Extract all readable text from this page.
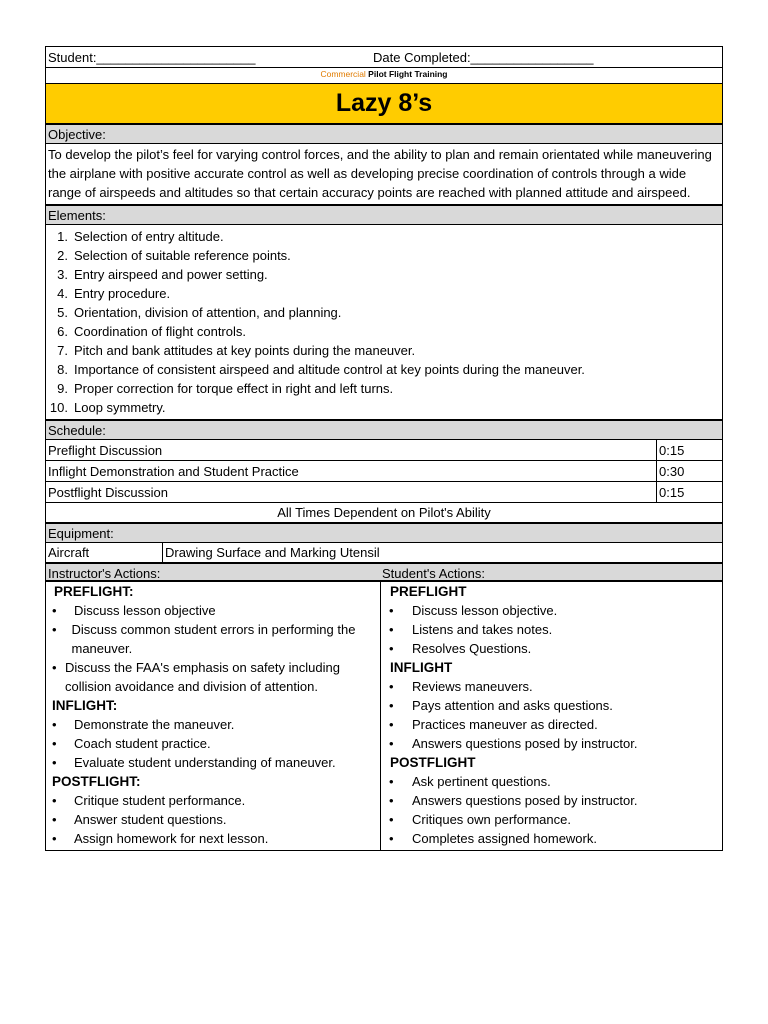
Student:______________________	Date Completed:_________________
Commercial Pilot Flight Training
Lazy 8’s
Objective:
To develop the pilot’s feel for varying control forces, and the ability to plan and remain orientated while maneuvering the airplane with positive accurate control as well as developing precise coordination of controls through a wide range of airspeeds and altitudes so that certain accuracy points are reached with planned attitude and airspeed.
Elements:
1. Selection of entry altitude.
2. Selection of suitable reference points.
3. Entry airspeed and power setting.
4. Entry procedure.
5. Orientation, division of attention, and planning.
6. Coordination of flight controls.
7. Pitch and bank attitudes at key points during the maneuver.
8. Importance of consistent airspeed and altitude control at key points during the maneuver.
9. Proper correction for torque effect in right and left turns.
10. Loop symmetry.
Schedule:
Preflight Discussion	0:15
Inflight Demonstration and Student Practice	0:30
Postflight Discussion	0:15
All Times Dependent on Pilot's Ability
Equipment:
Aircraft	Drawing Surface and Marking Utensil
Instructor's Actions:	Student's Actions:
PREFLIGHT:
•	Discuss lesson objective
•	Discuss common student errors in performing the maneuver.
• Discuss the FAA's emphasis on safety including collision avoidance and division of attention.
INFLIGHT:
•	Demonstrate the maneuver.
•	Coach student practice.
•	Evaluate student understanding of maneuver.
POSTFLIGHT:
•	Critique student performance.
•	Answer student questions.
•	Assign homework for next lesson.
PREFLIGHT
•	Discuss lesson objective.
•	Listens and takes notes.
•	Resolves Questions.
INFLIGHT
•	Reviews maneuvers.
•	Pays attention and asks questions.
•	Practices maneuver as directed.
•	Answers questions posed by instructor.
POSTFLIGHT
•	Ask pertinent questions.
•	Answers questions posed by instructor.
•	Critiques own performance.
•	Completes assigned homework.
